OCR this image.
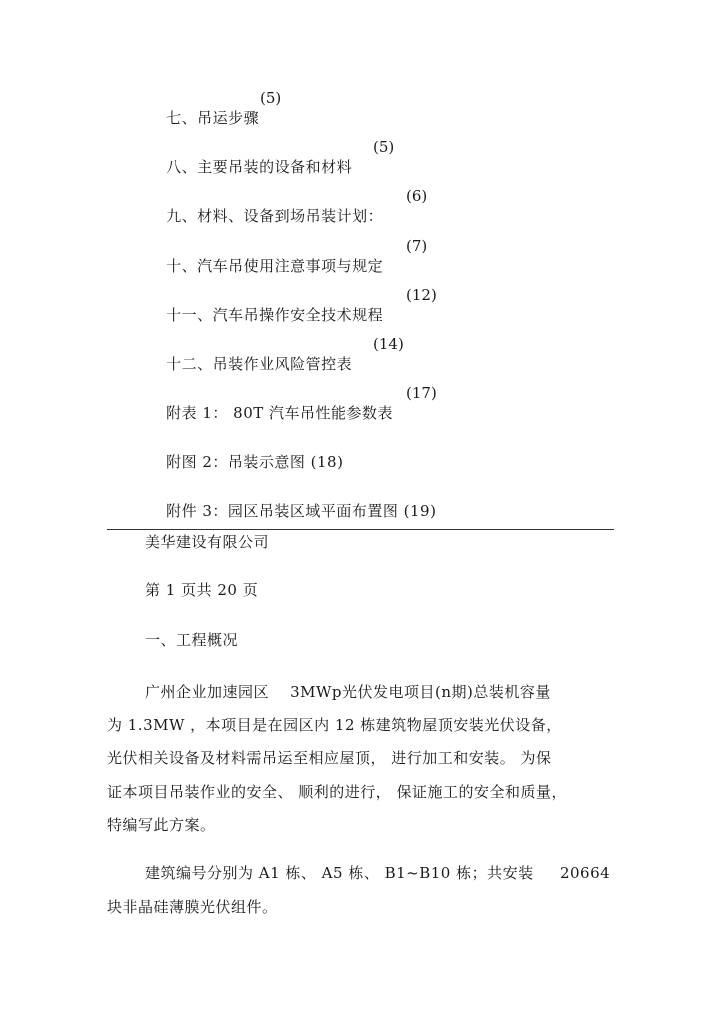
七、吊运步骤

(5)

八、主要吊装的设备和材料

(5)

九、材料、设备到场吊装计划：

(6)

十、汽车吊使用注意事项与规定

(7)

十一、汽车吊操作安全技术规程

(12)

十二、吊装作业风险管控表

(14)

附表 1： 80T 汽车吊性能参数表

(17)

附图 2：吊装示意图 (18)

附件 3：园区吊装区域平面布置图 (19)

美华建设有限公司
第 1 页共 20 页
一、工程概况
广州企业加速园区    3MWp光伏发电项目(n期)总装机容量
为 1.3MW ，本项目是在园区内 12 栋建筑物屋顶安装光伏设备，
光伏相关设备及材料需吊运至相应屋顶， 进行加工和安装。 为保
证本项目吊装作业的安全、 顺利的进行， 保证施工的安全和质量，
特编写此方案。
建筑编号分别为 A1 栋、 A5 栋、 B1~B10 栋；共安装     20664
块非晶硅薄膜光伏组件。
